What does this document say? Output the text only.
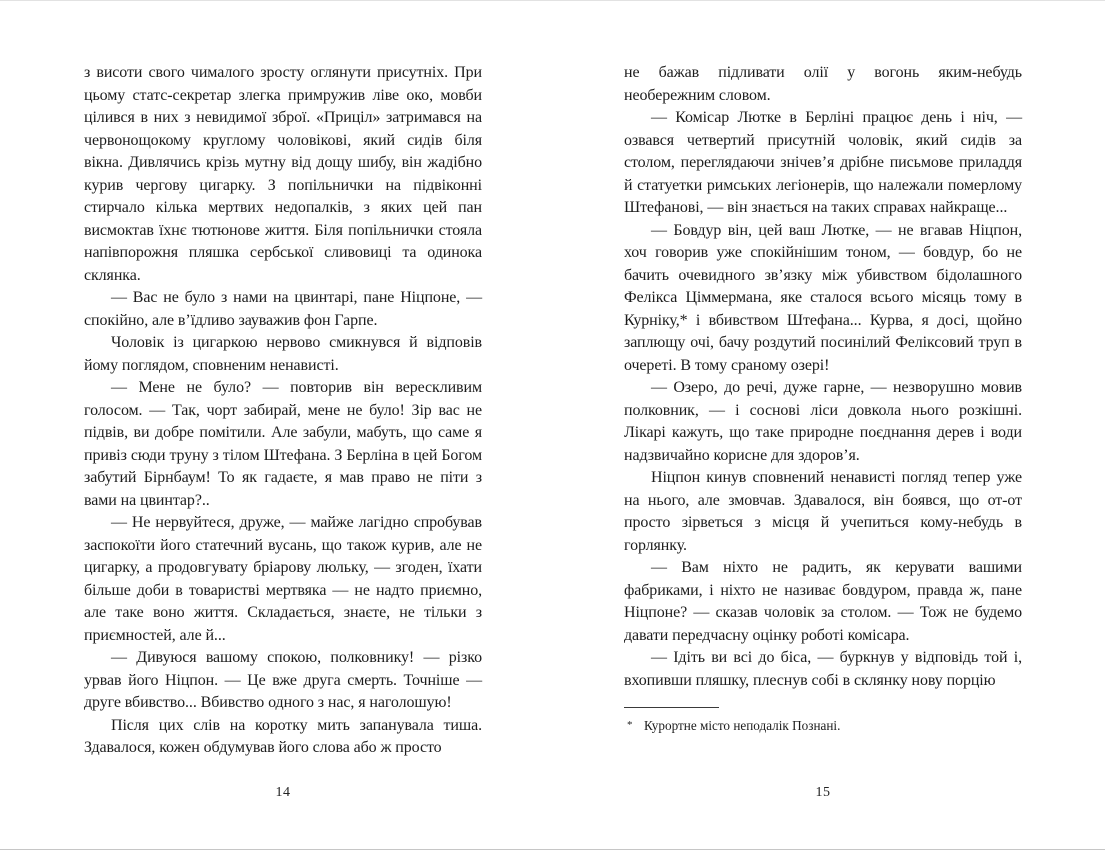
з висоти свого чималого зросту оглянути присутніх. При цьому статс-секретар злегка примружив ліве око, мовби цілився в них з невидимої зброї. «Приціл» затримався на червонощокому круглому чоловікові, який сидів біля вікна. Дивлячись крізь мутну від дощу шибу, він жадібно курив чергову цигарку. З попільнички на підвіконні стирчало кілька мертвих недопалків, з яких цей пан висмоктав їхнє тютюнове життя. Біля попільнички стояла напівпорожня пляшка сербської сливовиці та одинока склянка.

— Вас не було з нами на цвинтарі, пане Ніцпоне, — спокійно, але в’їдливо зауважив фон Гарпе.

Чоловік із цигаркою нервово смикнувся й відповів йому поглядом, сповненим ненависті.

— Мене не було? — повторив він верескливим голосом. — Так, чорт забирай, мене не було! Зір вас не підвів, ви добре помітили. Але забули, мабуть, що саме я привіз сюди труну з тілом Штефана. З Берліна в цей Богом забутий Бірнбаум! То як гадаєте, я мав право не піти з вами на цвинтар?..

— Не нервуйтеся, друже, — майже лагідно спробував заспокоїти його статечний вусань, що також курив, але не цигарку, а продовгувату бріарову люльку, — згоден, їхати більше доби в товаристві мертвяка — не надто приємно, але таке воно життя. Складається, знаєте, не тільки з приємностей, але й...

— Дивуюся вашому спокою, полковнику! — різко урвав його Ніцпон. — Це вже друга смерть. Точніше — друге вбивство... Вбивство одного з нас, я наголошую!

Після цих слів на коротку мить запанувала тиша. Здавалося, кожен обдумував його слова або ж просто

не бажав підливати олії у вогонь яким-небудь необережним словом.

— Комісар Лютке в Берліні працює день і ніч, — озвався четвертий присутній чоловік, який сидів за столом, переглядаючи знічев’я дрібне письмове приладдя й статуетки римських легіонерів, що належали померлому Штефанові, — він знається на таких справах найкраще...

— Бовдур він, цей ваш Лютке, — не вгавав Ніцпон, хоч говорив уже спокійнішим тоном, — бовдур, бо не бачить очевидного зв’язку між убивством бідолашного Фелікса Ціммермана, яке сталося всього місяць тому в Курніку,* і вбивством Штефана... Курва, я досі, щойно заплющу очі, бачу роздутий посинілий Феліксовий труп в очереті. В тому сраному озері!

— Озеро, до речі, дуже гарне, — незворушно мовив полковник, — і соснові ліси довкола нього розкішні. Лікарі кажуть, що таке природне поєднання дерев і води надзвичайно корисне для здоров’я.

Ніцпон кинув сповнений ненависті погляд тепер уже на нього, але змовчав. Здавалося, він боявся, що от-от просто зірветься з місця й учепиться кому-небудь в горлянку.

— Вам ніхто не радить, як керувати вашими фабриками, і ніхто не називає бовдуром, правда ж, пане Ніцпоне? — сказав чоловік за столом. — Тож не будемо давати передчасну оцінку роботі комісара.

— Ідіть ви всі до біса, — буркнув у відповідь той і, вхопивши пляшку, плеснув собі в склянку нову порцію

* Курортне місто неподалік Познані.
14	15
